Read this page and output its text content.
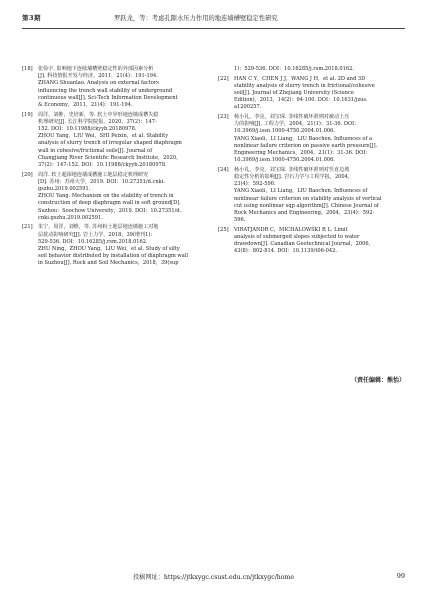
第3期	罗跃龙，等：考虑孔隙水压力作用的地连墙槽壁稳定性研究
[18] 张俭宇. 影响地下连续墙槽壁稳定性的外部因素分析
[J]. 科技情报开发与经济，2011，21(4)：191-194.
ZHANG Shuanlao. Analysis on external factors
influencing the trench wall stability of underground
continuous wall[J]. Sci-Tech Information Development
& Economy，2011，21(4)：191-194.
[19] 周洋，刘维，史培新，等. 软土中异形地连墙成槽失稳
机理研究[J]. 长江科学院院报，2020，37(2)：147-
152. DOI：10.11988/ckyyb.20180978.
ZHOU Yang，LIU Wei，SHI Peixin，et al. Stability
analysis of slurry trench of irregular shaped diaphragm
wall in cohesive/frictional soils[J]. Journal of
Changjiang River Scientific Research Institute，2020，
37(2)：147-152. DOI：10.11988/ckyyb.20180978.
[20] 周洋. 软土超深地连墙成槽施工地层稳定机理研究
[D]. 苏州：苏州大学，2019. DOI：10.27351/d.cnki.
gszhu.2019.002591.
ZHOU Yang. Mechanism on the stability of trench in
construction of deep diaphragm wall in soft ground[D].
Suzhou：Soochow University，2019. DOI：10.27351/d.
cnki.gszhu.2019.002591.
[21] 朱宁，周洋，刘维，等. 苏州粉土地层地连墙施工对地
层扰动影响研究[J]. 岩土力学，2018，39(增刊1)：
529-536. DOI：10.16285/j.rsm.2018.0162.
ZHU Ning，ZHOU Yang，LIU Wei，et al. Study of silty
soil behavior distributed by installation of diaphragm wall
in Suzhou[J]. Rock and Soil Mechanics，2018，39(sup
1)：529-536. DOI：10.16285/j.rsm.2018.0162.
[22] HAN C Y，CHEN J J，WANG J H，et al. 2D and 3D
stability analysis of slurry trench in frictional/cohesive
soil[J]. Journal of Zhejiang University (Science
Edition)，2013，14(2)：94-100. DOI：10.1631/jzus.
a1200257.
[23] 杨小礼，李亮，刘宝琛. 非线性破坏准则对被动土压
力的影响[J]. 工程力学，2004，21(1)：31-36. DOI：
10.3969/j.issn.1000-4750.2004.01.006.
YANG Xiaoli，LI Liang，LIU Baochen. Influences of a
nonlinear failure criterion on passive earth pressure[J].
Engineering Mechanics，2004，21(1)：31-36. DOI：
10.3969/j.issn.1000-4750.2004.01.006.
[24] 杨小礼，李亮，刘宝琛. 非线性破坏准则对竖直边坡
稳定性分析的影响[J]. 岩石力学与工程学报，2004，
23(4)：592-596.
YANG Xiaoli，LI Liang，LIU Baochen. Influences of
nonlinear failure criterion on stability analysis of vertical
cut using nonlinear sqp algorithm[J]. Chinese Journal of
Rock Mechanics and Engineering，2004，23(4)：592-
596.
[25] VIRATJANDR C，MICHALOWSKI R L. Limit
analysis of submerged slopes subjected to water
drawdown[J]. Canadian Geotechnical Journal，2006，
43(8)：802-814. DOI：10.1139/t06-042.
（责任编辑：熊怡）
投稿网址：https://jtkxygc.csust.edu.cn/jtkxygc/home	99
